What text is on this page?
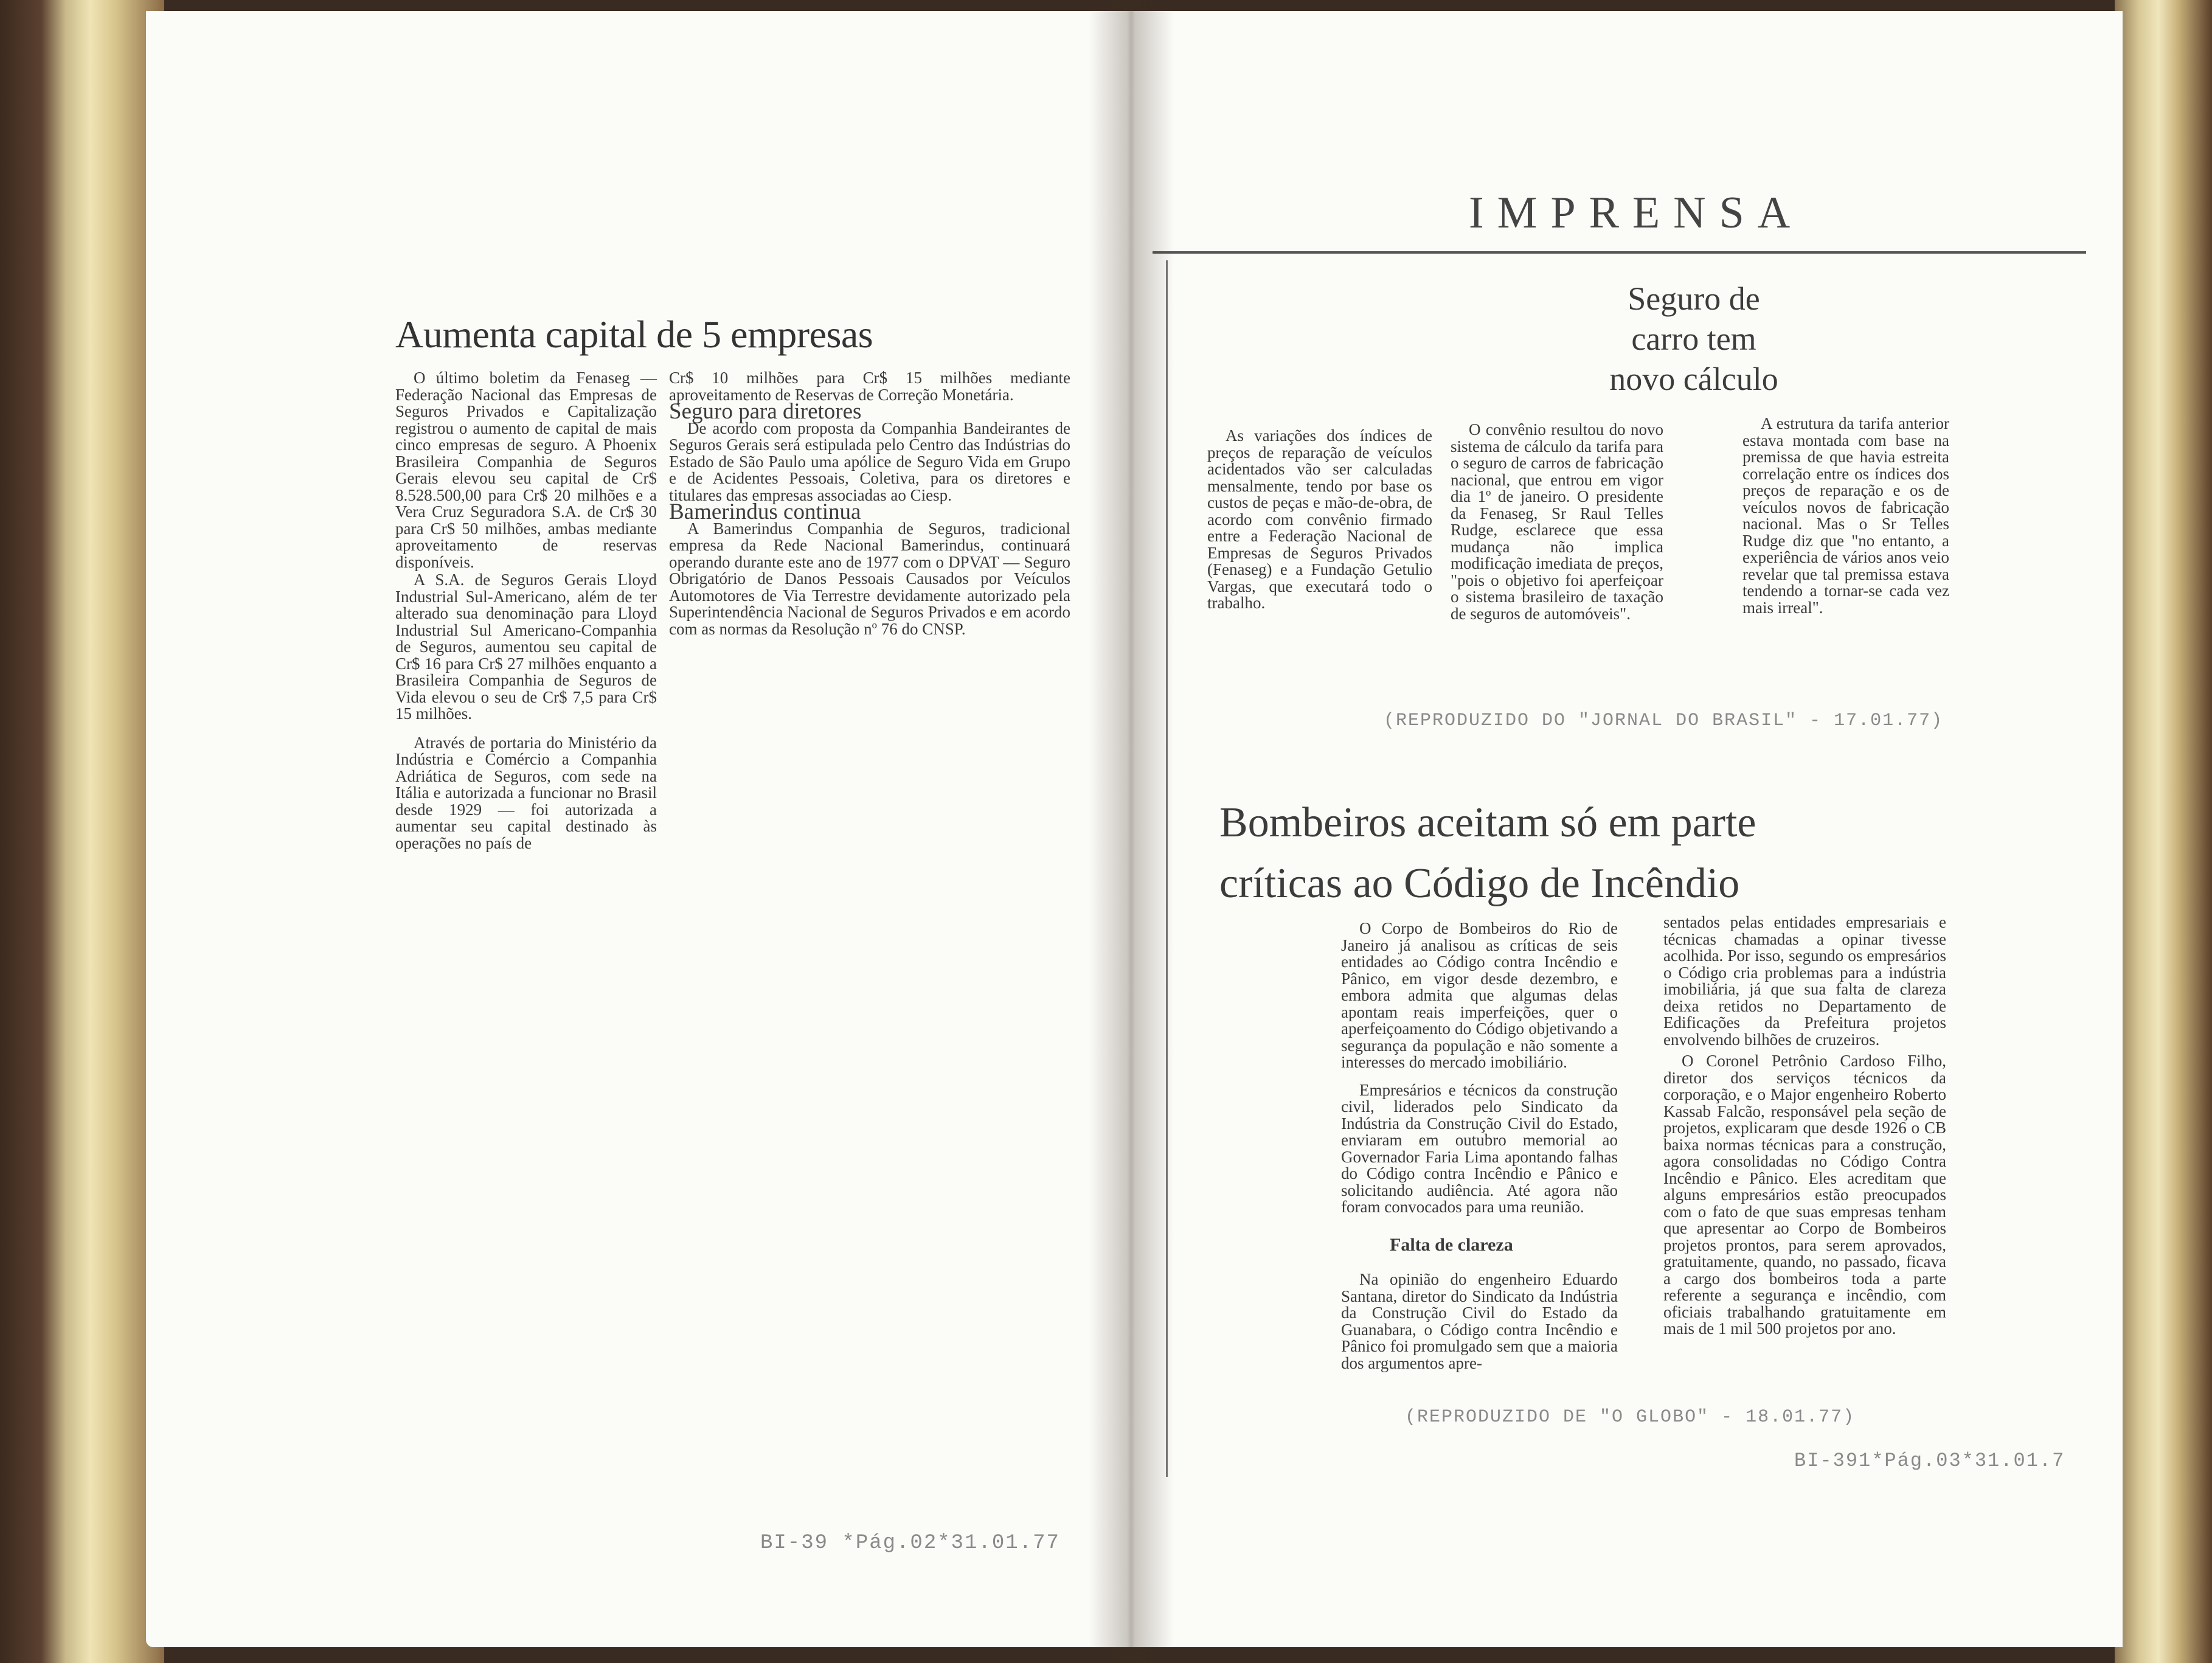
Aumenta capital de 5 empresas

O último boletim da Fenaseg — Federação Nacional das Empresas de Seguros Privados e Capitalização registrou o aumento de capital de mais cinco empresas de seguro. A Phoenix Brasileira Companhia de Seguros Gerais elevou seu capital de Cr$ 8.528.500,00 para Cr$ 20 milhões e a Vera Cruz Seguradora S.A. de Cr$ 30 para Cr$ 50 milhões, ambas mediante aproveitamento de reservas disponíveis.

A S.A. de Seguros Gerais Lloyd Industrial Sul-Americano, além de ter alterado sua denominação para Lloyd Industrial Sul Americano-Companhia de Seguros, aumentou seu capital de Cr$ 16 para Cr$ 27 milhões enquanto a Brasileira Companhia de Seguros de Vida elevou o seu de Cr$ 7,5 para Cr$ 15 milhões.

Através de portaria do Ministério da Indústria e Comércio a Companhia Adriática de Seguros, com sede na Itália e autorizada a funcionar no Brasil desde 1929 — foi autorizada a aumentar seu capital destinado às operações no país de

Cr$ 10 milhões para Cr$ 15 milhões mediante aproveitamento de Reservas de Correção Monetária.

Seguro para diretores

De acordo com proposta da Companhia Bandeirantes de Seguros Gerais será estipulada pelo Centro das Indústrias do Estado de São Paulo uma apólice de Seguro Vida em Grupo e de Acidentes Pessoais, Coletiva, para os diretores e titulares das empresas associadas ao Ciesp.

Bamerindus continua

A Bamerindus Companhia de Seguros, tradicional empresa da Rede Nacional Bamerindus, continuará operando durante este ano de 1977 com o DPVAT — Seguro Obrigatório de Danos Pessoais Causados por Veículos Automotores de Via Terrestre devidamente autorizado pela Superintendência Nacional de Seguros Privados e em acordo com as normas da Resolução nº 76 do CNSP.

BI-39 *Pág.02*31.01.77
IMPRENSA
Seguro de
carro tem
novo cálculo

As variações dos índices de preços de reparação de veículos acidentados vão ser calculadas mensalmente, tendo por base os custos de peças e mão-de-obra, de acordo com convênio firmado entre a Federação Nacional de Empresas de Seguros Privados (Fenaseg) e a Fundação Getulio Vargas, que executará todo o trabalho.

O convênio resultou do novo sistema de cálculo da tarifa para o seguro de carros de fabricação nacional, que entrou em vigor dia 1º de janeiro. O presidente da Fenaseg, Sr Raul Telles Rudge, esclarece que essa mudança não implica modificação imediata de preços, "pois o objetivo foi aperfeiçoar o sistema brasileiro de taxação de seguros de automóveis".

A estrutura da tarifa anterior estava montada com base na premissa de que havia estreita correlação entre os índices dos preços de reparação e os de veículos novos de fabricação nacional. Mas o Sr Telles Rudge diz que "no entanto, a experiência de vários anos veio revelar que tal premissa estava tendendo a tornar-se cada vez mais irreal".

(REPRODUZIDO DO "JORNAL DO BRASIL" - 17.01.77)
Bombeiros aceitam só em parte
críticas ao Código de Incêndio

O Corpo de Bombeiros do Rio de Janeiro já analisou as críticas de seis entidades ao Código contra Incêndio e Pânico, em vigor desde dezembro, e embora admita que algumas delas apontam reais imperfeições, quer o aperfeiçoamento do Código objetivando a segurança da população e não somente a interesses do mercado imobiliário.

Empresários e técnicos da construção civil, liderados pelo Sindicato da Indústria da Construção Civil do Estado, enviaram em outubro memorial ao Governador Faria Lima apontando falhas do Código contra Incêndio e Pânico e solicitando audiência. Até agora não foram convocados para uma reunião.

Falta de clareza

Na opinião do engenheiro Eduardo Santana, diretor do Sindicato da Indústria da Construção Civil do Estado da Guanabara, o Código contra Incêndio e Pânico foi promulgado sem que a maioria dos argumentos apre-

sentados pelas entidades empresariais e técnicas chamadas a opinar tivesse acolhida. Por isso, segundo os empresários o Código cria problemas para a indústria imobiliária, já que sua falta de clareza deixa retidos no Departamento de Edificações da Prefeitura projetos envolvendo bilhões de cruzeiros.

O Coronel Petrônio Cardoso Filho, diretor dos serviços técnicos da corporação, e o Major engenheiro Roberto Kassab Falcão, responsável pela seção de projetos, explicaram que desde 1926 o CB baixa normas técnicas para a construção, agora consolidadas no Código Contra Incêndio e Pânico. Eles acreditam que alguns empresários estão preocupados com o fato de que suas empresas tenham que apresentar ao Corpo de Bombeiros projetos prontos, para serem aprovados, gratuitamente, quando, no passado, ficava a cargo dos bombeiros toda a parte referente a segurança e incêndio, com oficiais trabalhando gratuitamente em mais de 1 mil 500 projetos por ano.

(REPRODUZIDO DE "O GLOBO" - 18.01.77)
BI-391*Pág.03*31.01.7
